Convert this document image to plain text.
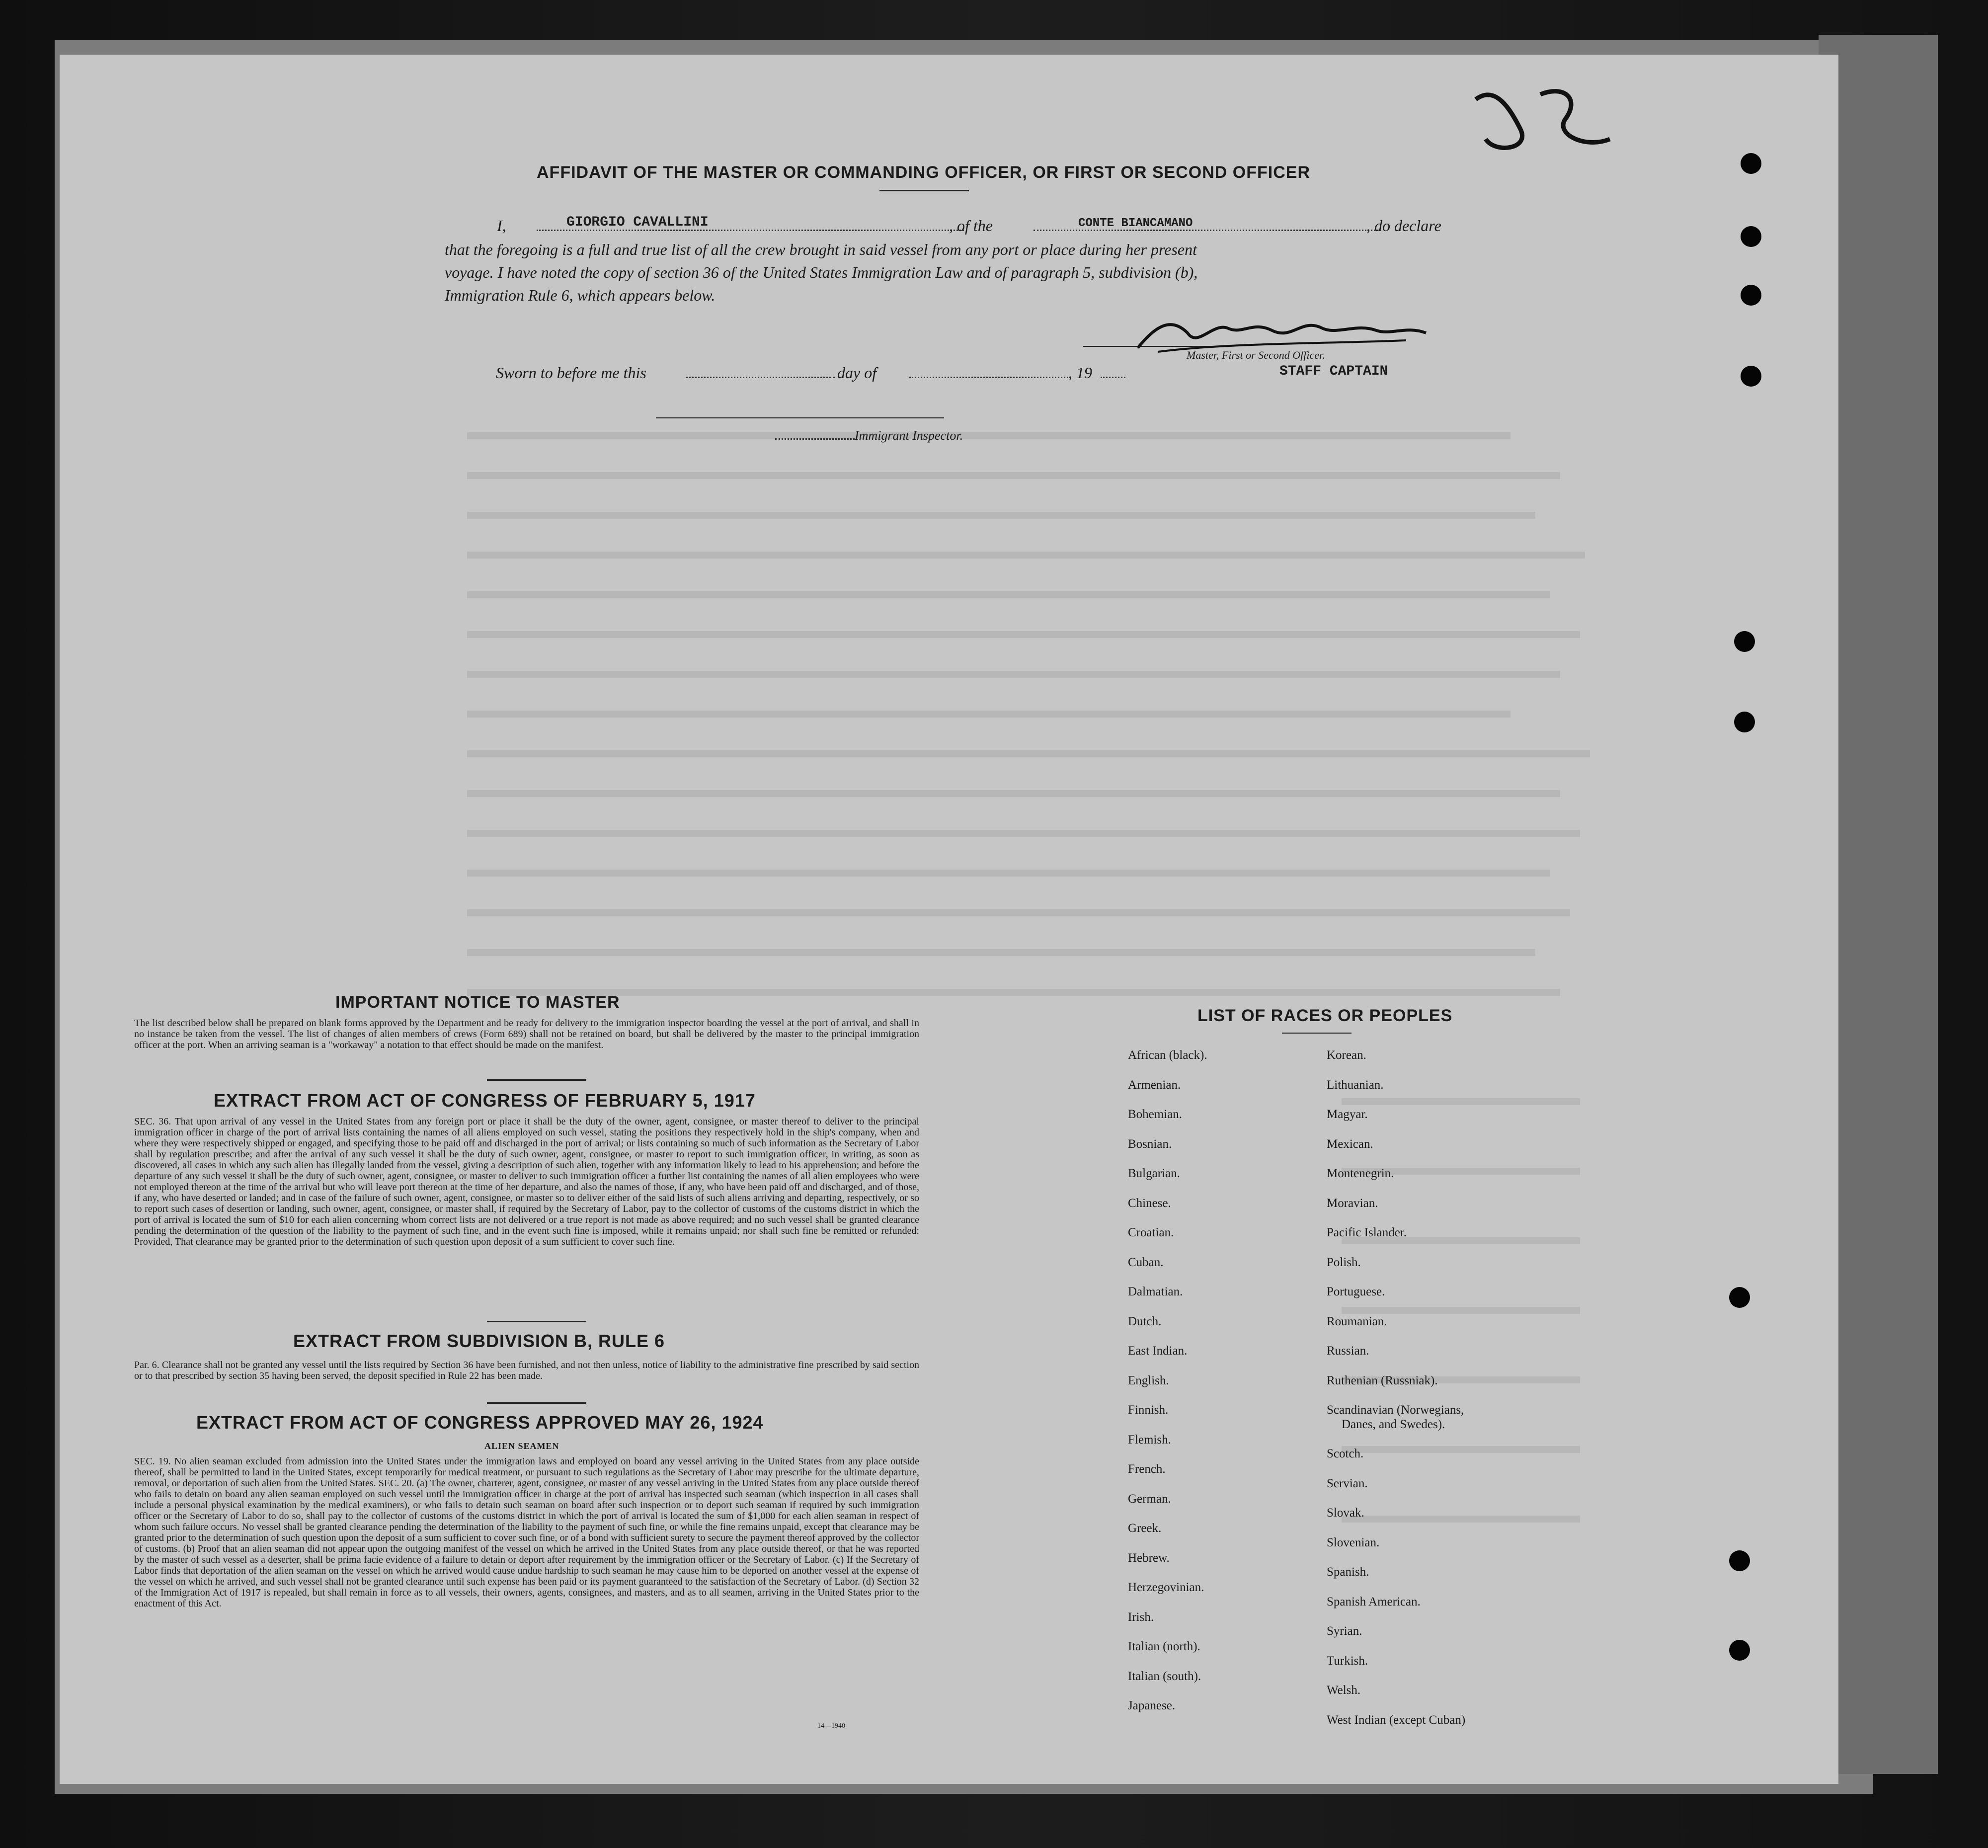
AFFIDAVIT OF THE MASTER OR COMMANDING OFFICER, OR FIRST OR SECOND OFFICER
I,	GIORGIO CAVALLINI	, of the	CONTE BIANCAMANO	, do declare
that the foregoing is a full and true list of all the crew brought in said vessel from any port or place during her present
voyage. I have noted the copy of section 36 of the United States Immigration Law and of paragraph 5, subdivision (b),
Immigration Rule 6, which appears below.
Master, First or Second Officer.
STAFF CAPTAIN
Sworn to before me this	day of	, 19
Immigrant Inspector.
IMPORTANT NOTICE TO MASTER
The list described below shall be prepared on blank forms approved by the Department and be ready for delivery to the immigration inspector boarding the vessel at the port of arrival, and shall in no instance be taken from the vessel. The list of changes of alien members of crews (Form 689) shall not be retained on board, but shall be delivered by the master to the principal immigration officer at the port. When an arriving seaman is a "workaway" a notation to that effect should be made on the manifest.
EXTRACT FROM ACT OF CONGRESS OF FEBRUARY 5, 1917
SEC. 36. That upon arrival of any vessel in the United States from any foreign port or place it shall be the duty of the owner, agent, consignee, or master thereof to deliver to the principal immigration officer in charge of the port of arrival lists containing the names of all aliens employed on such vessel, stating the positions they respectively hold in the ship's company, when and where they were respectively shipped or engaged, and specifying those to be paid off and discharged in the port of arrival; or lists containing so much of such information as the Secretary of Labor shall by regulation prescribe; and after the arrival of any such vessel it shall be the duty of such owner, agent, consignee, or master to report to such immigration officer, in writing, as soon as discovered, all cases in which any such alien has illegally landed from the vessel, giving a description of such alien, together with any information likely to lead to his apprehension; and before the departure of any such vessel it shall be the duty of such owner, agent, consignee, or master to deliver to such immigration officer a further list containing the names of all alien employees who were not employed thereon at the time of the arrival but who will leave port thereon at the time of her departure, and also the names of those, if any, who have been paid off and discharged, and of those, if any, who have deserted or landed; and in case of the failure of such owner, agent, consignee, or master so to deliver either of the said lists of such aliens arriving and departing, respectively, or so to report such cases of desertion or landing, such owner, agent, consignee, or master shall, if required by the Secretary of Labor, pay to the collector of customs of the customs district in which the port of arrival is located the sum of $10 for each alien concerning whom correct lists are not delivered or a true report is not made as above required; and no such vessel shall be granted clearance pending the determination of the question of the liability to the payment of such fine, and in the event such fine is imposed, while it remains unpaid; nor shall such fine be remitted or refunded: Provided, That clearance may be granted prior to the determination of such question upon deposit of a sum sufficient to cover such fine.
EXTRACT FROM SUBDIVISION B, RULE 6
Par. 6. Clearance shall not be granted any vessel until the lists required by Section 36 have been furnished, and not then unless, notice of liability to the administrative fine prescribed by said section or to that prescribed by section 35 having been served, the deposit specified in Rule 22 has been made.
EXTRACT FROM ACT OF CONGRESS APPROVED MAY 26, 1924
ALIEN SEAMEN
SEC. 19. No alien seaman excluded from admission into the United States under the immigration laws and employed on board any vessel arriving in the United States from any place outside thereof, shall be permitted to land in the United States, except temporarily for medical treatment, or pursuant to such regulations as the Secretary of Labor may prescribe for the ultimate departure, removal, or deportation of such alien from the United States. SEC. 20. (a) The owner, charterer, agent, consignee, or master of any vessel arriving in the United States from any place outside thereof who fails to detain on board any alien seaman employed on such vessel until the immigration officer in charge at the port of arrival has inspected such seaman (which inspection in all cases shall include a personal physical examination by the medical examiners), or who fails to detain such seaman on board after such inspection or to deport such seaman if required by such immigration officer or the Secretary of Labor to do so, shall pay to the collector of customs of the customs district in which the port of arrival is located the sum of $1,000 for each alien seaman in respect of whom such failure occurs. No vessel shall be granted clearance pending the determination of the liability to the payment of such fine, or while the fine remains unpaid, except that clearance may be granted prior to the determination of such question upon the deposit of a sum sufficient to cover such fine, or of a bond with sufficient surety to secure the payment thereof approved by the collector of customs. (b) Proof that an alien seaman did not appear upon the outgoing manifest of the vessel on which he arrived in the United States from any place outside thereof, or that he was reported by the master of such vessel as a deserter, shall be prima facie evidence of a failure to detain or deport after requirement by the immigration officer or the Secretary of Labor. (c) If the Secretary of Labor finds that deportation of the alien seaman on the vessel on which he arrived would cause undue hardship to such seaman he may cause him to be deported on another vessel at the expense of the vessel on which he arrived, and such vessel shall not be granted clearance until such expense has been paid or its payment guaranteed to the satisfaction of the Secretary of Labor. (d) Section 32 of the Immigration Act of 1917 is repealed, but shall remain in force as to all vessels, their owners, agents, consignees, and masters, and as to all seamen, arriving in the United States prior to the enactment of this Act.
14—1940
LIST OF RACES OR PEOPLES
African (black).
Armenian.
Bohemian.
Bosnian.
Bulgarian.
Chinese.
Croatian.
Cuban.
Dalmatian.
Dutch.
East Indian.
English.
Finnish.
Flemish.
French.
German.
Greek.
Hebrew.
Herzegovinian.
Irish.
Italian (north).
Italian (south).
Japanese.
Korean.
Lithuanian.
Magyar.
Mexican.
Montenegrin.
Moravian.
Pacific Islander.
Polish.
Portuguese.
Roumanian.
Russian.
Ruthenian (Russniak).
Scandinavian (Norwegians,
Danes, and Swedes).
Scotch.
Servian.
Slovak.
Slovenian.
Spanish.
Spanish American.
Syrian.
Turkish.
Welsh.
West Indian (except Cuban)
